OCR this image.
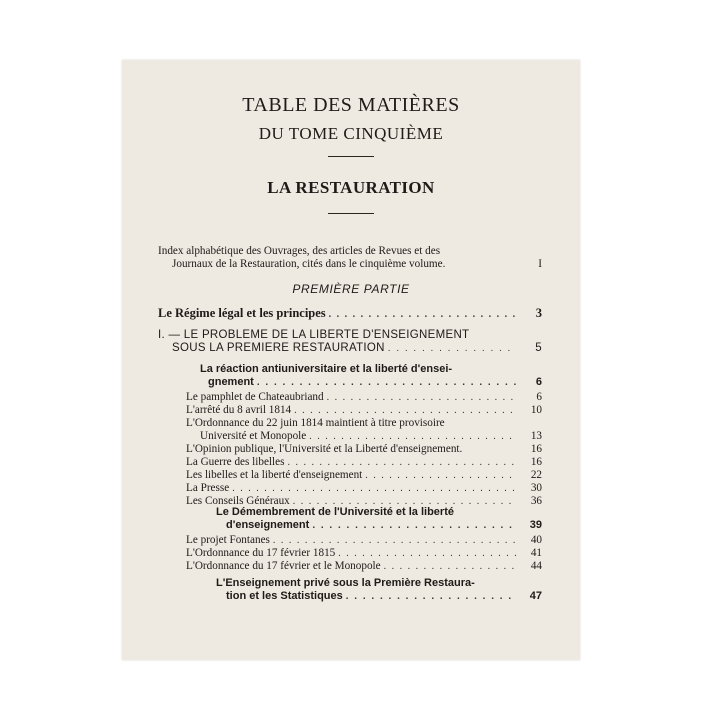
TABLE DES MATIÈRES
DU TOME CINQUIÈME
LA RESTAURATION
Index alphabétique des Ouvrages, des articles de Revues et des
Journaux de la Restauration, cités dans le cinquième volume.	I
PREMIÈRE PARTIE
Le Régime légal et les principes . . .	3
I. — LE PROBLEME DE LA LIBERTE D'ENSEIGNEMENT
SOUS LA PREMIERE RESTAURATION . . .	5
La réaction antiuniversitaire et la liberté d'ensei-
gnement . . .	6
Le pamphlet de Chateaubriand . . .	6
L'arrêté du 8 avril 1814 . . .	10
L'Ordonnance du 22 juin 1814 maintient à titre provisoire
Université et Monopole . . .	13
L'Opinion publique, l'Université et la Liberté d'enseignement.	16
La Guerre des libelles . . .	16
Les libelles et la liberté d'enseignement . . .	22
La Presse . . .	30
Les Conseils Généraux . . .	36
Le Démembrement de l'Université et la liberté
d'enseignement . . .	39
Le projet Fontanes . . .	40
L'Ordonnance du 17 février 1815 . . .	41
L'Ordonnance du 17 février et le Monopole . . .	44
L'Enseignement privé sous la Première Restaura-
tion et les Statistiques . . .	47
